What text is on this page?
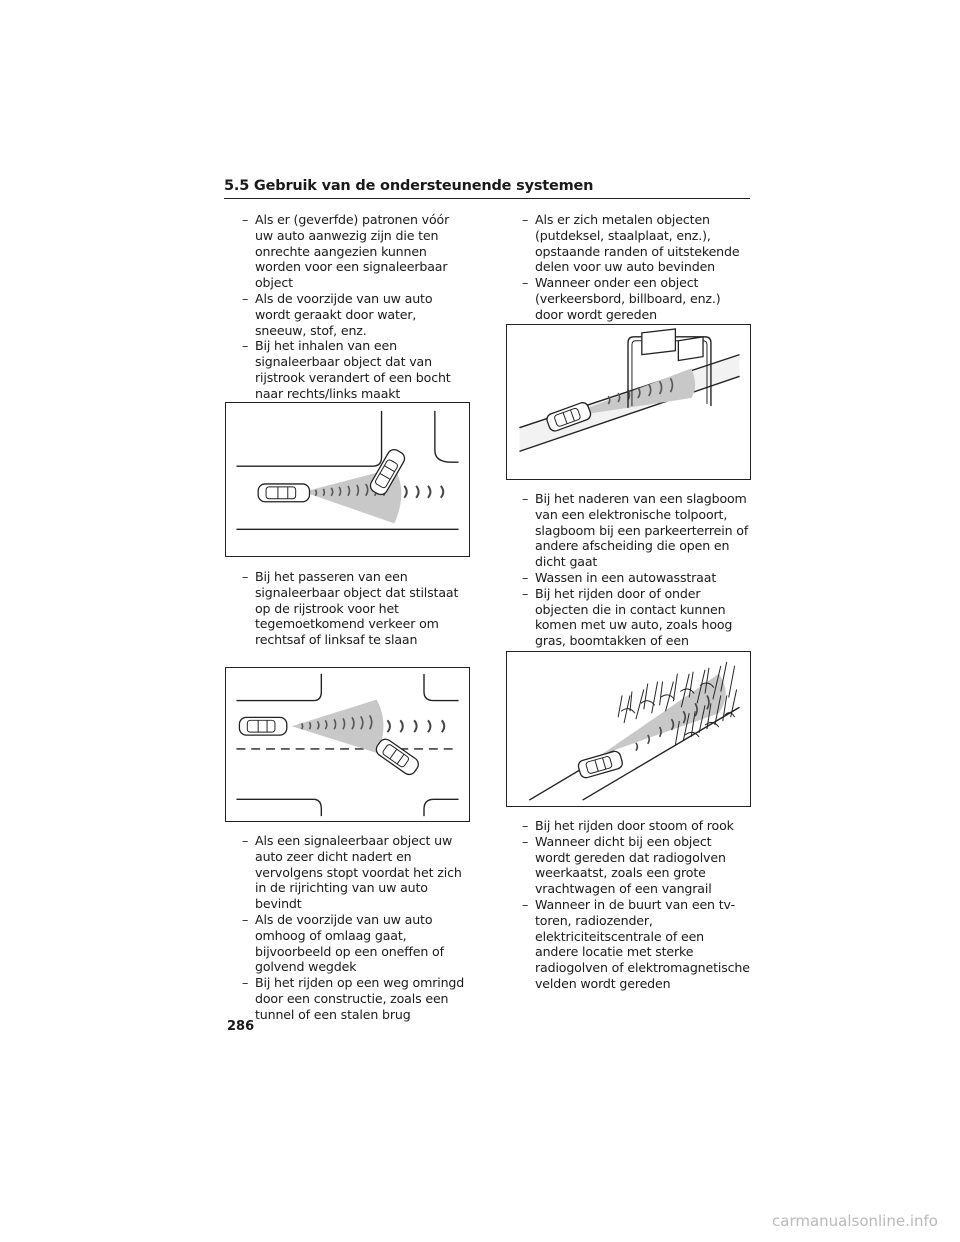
5.5 Gebruik van de ondersteunende systemen
– Als er (geverfde) patronen vóór uw auto aanwezig zijn die ten onrechte aangezien kunnen worden voor een signaleerbaar object
– Als de voorzijde van uw auto wordt geraakt door water, sneeuw, stof, enz.
– Bij het inhalen van een signaleerbaar object dat van rijstrook verandert of een bocht naar rechts/links maakt
– Bij het passeren van een signaleerbaar object dat stilstaat op de rijstrook voor het tegemoetkomend verkeer om rechtsaf of linksaf te slaan
– Als een signaleerbaar object uw auto zeer dicht nadert en vervolgens stopt voordat het zich in de rijrichting van uw auto bevindt
– Als de voorzijde van uw auto omhoog of omlaag gaat, bijvoorbeeld op een oneffen of golvend wegdek
– Bij het rijden op een weg omringd door een constructie, zoals een tunnel of een stalen brug
– Als er zich metalen objecten (putdeksel, staalplaat, enz.), opstaande randen of uitstekende delen voor uw auto bevinden
– Wanneer onder een object (verkeersbord, billboard, enz.) door wordt gereden
– Bij het naderen van een slagboom van een elektronische tolpoort, slagboom bij een parkeerterrein of andere afscheiding die open en dicht gaat
– Wassen in een autowasstraat
– Bij het rijden door of onder objecten die in contact kunnen komen met uw auto, zoals hoog gras, boomtakken of een
– Bij het rijden door stoom of rook
– Wanneer dicht bij een object wordt gereden dat radiogolven weerkaatst, zoals een grote vrachtwagen of een vangrail
– Wanneer in de buurt van een tv-toren, radiozender, elektriciteitscentrale of een andere locatie met sterke radiogolven of elektromagnetische velden wordt gereden
286
carmanualsonline.info
